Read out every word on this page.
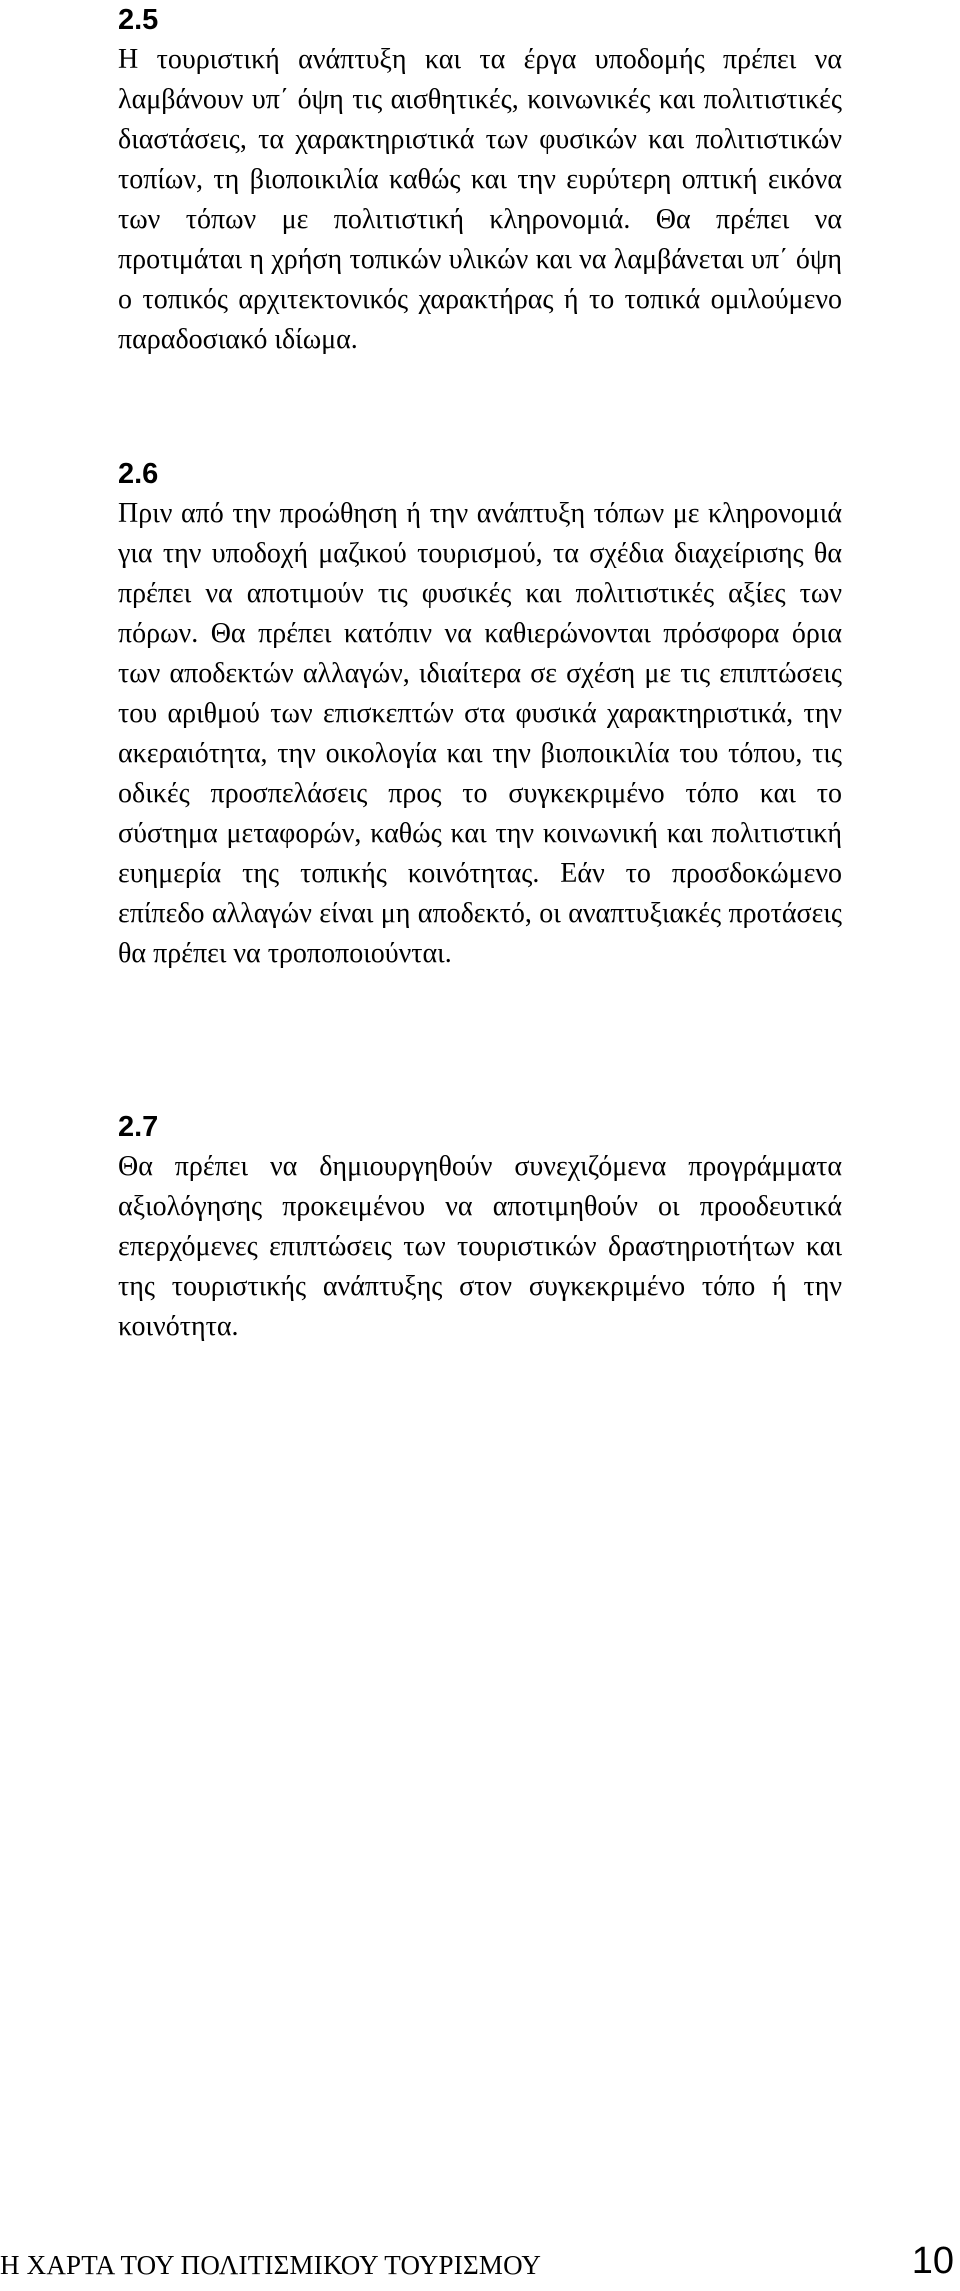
2.5

Η τουριστική ανάπτυξη και τα έργα υποδομής πρέπει να λαμβάνουν υπ΄ όψη τις αισθητικές, κοινωνικές και πολιτιστικές διαστάσεις, τα χαρακτηριστικά των φυσικών και πολιτιστικών τοπίων, τη βιοποικιλία καθώς και την ευρύτερη οπτική εικόνα των τόπων με πολιτιστική κληρονομιά. Θα πρέπει να προτιμάται η χρήση τοπικών υλικών και να λαμβάνεται υπ΄ όψη ο τοπικός αρχιτεκτονικός χαρακτήρας ή το τοπικά ομιλούμενο παραδοσιακό ιδίωμα.

2.6

Πριν από την προώθηση ή την ανάπτυξη τόπων με κληρονομιά για την υποδοχή μαζικού τουρισμού, τα σχέδια διαχείρισης θα πρέπει να αποτιμούν τις φυσικές και πολιτιστικές αξίες των πόρων. Θα πρέπει κατόπιν να καθιερώνονται πρόσφορα όρια των αποδεκτών αλλαγών, ιδιαίτερα σε σχέση με τις επιπτώσεις του αριθμού των επισκεπτών στα φυσικά χαρακτηριστικά, την ακεραιότητα, την οικολογία και την βιοποικιλία του τόπου, τις οδικές προσπελάσεις προς το συγκεκριμένο τόπο και το σύστημα μεταφορών, καθώς και την κοινωνική και πολιτιστική ευημερία της τοπικής κοινότητας. Εάν το προσδοκώμενο επίπεδο αλλαγών είναι μη αποδεκτό, οι αναπτυξιακές προτάσεις θα πρέπει να τροποποιούνται.

2.7

Θα πρέπει να δημιουργηθούν συνεχιζόμενα προγράμματα αξιολόγησης προκειμένου να αποτιμηθούν οι προοδευτικά επερχόμενες επιπτώσεις των τουριστικών δραστηριοτήτων και της τουριστικής ανάπτυξης στον συγκεκριμένο τόπο ή την κοινότητα.

Η ΧΑΡΤΑ ΤΟΥ ΠΟΛΙΤΙΣΜΙΚΟΥ ΤΟΥΡΙΣΜΟΥ	10
